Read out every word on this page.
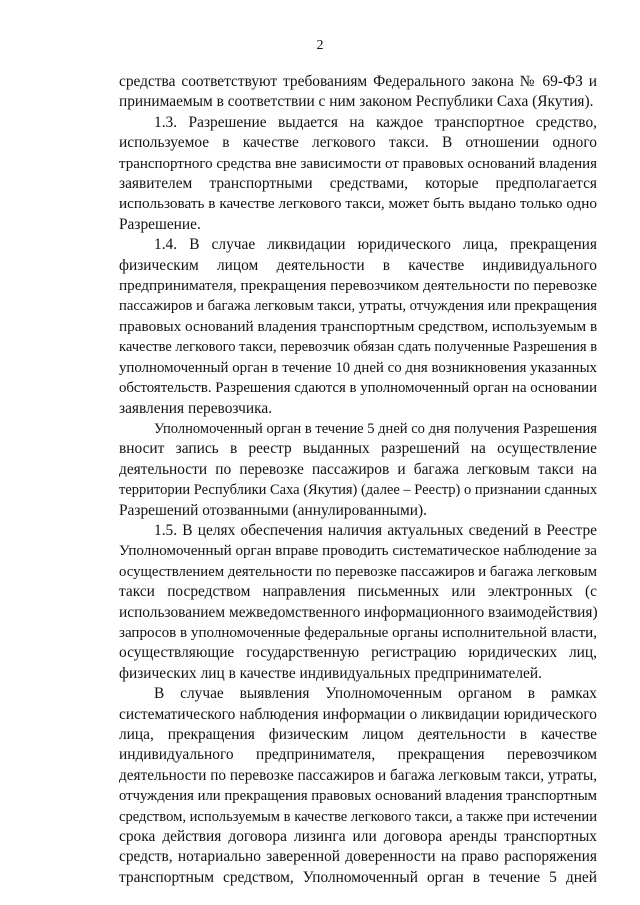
2

средства соответствуют требованиям Федерального закона № 69-ФЗ и

принимаемым в соответствии с ним законом Республики Саха (Якутия).

1.3. Разрешение выдается на каждое транспортное средство,

используемое в качестве легкового такси. В отношении одного

транспортного средства вне зависимости от правовых оснований владения

заявителем транспортными средствами, которые предполагается

использовать в качестве легкового такси, может быть выдано только одно

Разрешение.

1.4. В случае ликвидации юридического лица, прекращения

физическим лицом деятельности в качестве индивидуального

предпринимателя, прекращения перевозчиком деятельности по перевозке

пассажиров и багажа легковым такси, утраты, отчуждения или прекращения

правовых оснований владения транспортным средством, используемым в

качестве легкового такси, перевозчик обязан сдать полученные Разрешения в

уполномоченный орган в течение 10 дней со дня возникновения указанных

обстоятельств. Разрешения сдаются в уполномоченный орган на основании

заявления перевозчика.

Уполномоченный орган в течение 5 дней со дня получения Разрешения

вносит запись в реестр выданных разрешений на осуществление

деятельности по перевозке пассажиров и багажа легковым такси на

территории Республики Саха (Якутия) (далее – Реестр) о признании сданных

Разрешений отозванными (аннулированными).

1.5. В целях обеспечения наличия актуальных сведений в Реестре

Уполномоченный орган вправе проводить систематическое наблюдение за

осуществлением деятельности по перевозке пассажиров и багажа легковым

такси посредством направления письменных или электронных (с

использованием межведомственного информационного взаимодействия)

запросов в уполномоченные федеральные органы исполнительной власти,

осуществляющие государственную регистрацию юридических лиц,

физических лиц в качестве индивидуальных предпринимателей.

В случае выявления Уполномоченным органом в рамках

систематического наблюдения информации о ликвидации юридического

лица, прекращения физическим лицом деятельности в качестве

индивидуального предпринимателя, прекращения перевозчиком

деятельности по перевозке пассажиров и багажа легковым такси, утраты,

отчуждения или прекращения правовых оснований владения транспортным

средством, используемым в качестве легкового такси, а также при истечении

срока действия договора лизинга или договора аренды транспортных

средств, нотариально заверенной доверенности на право распоряжения

транспортным средством, Уполномоченный орган в течение 5 дней
